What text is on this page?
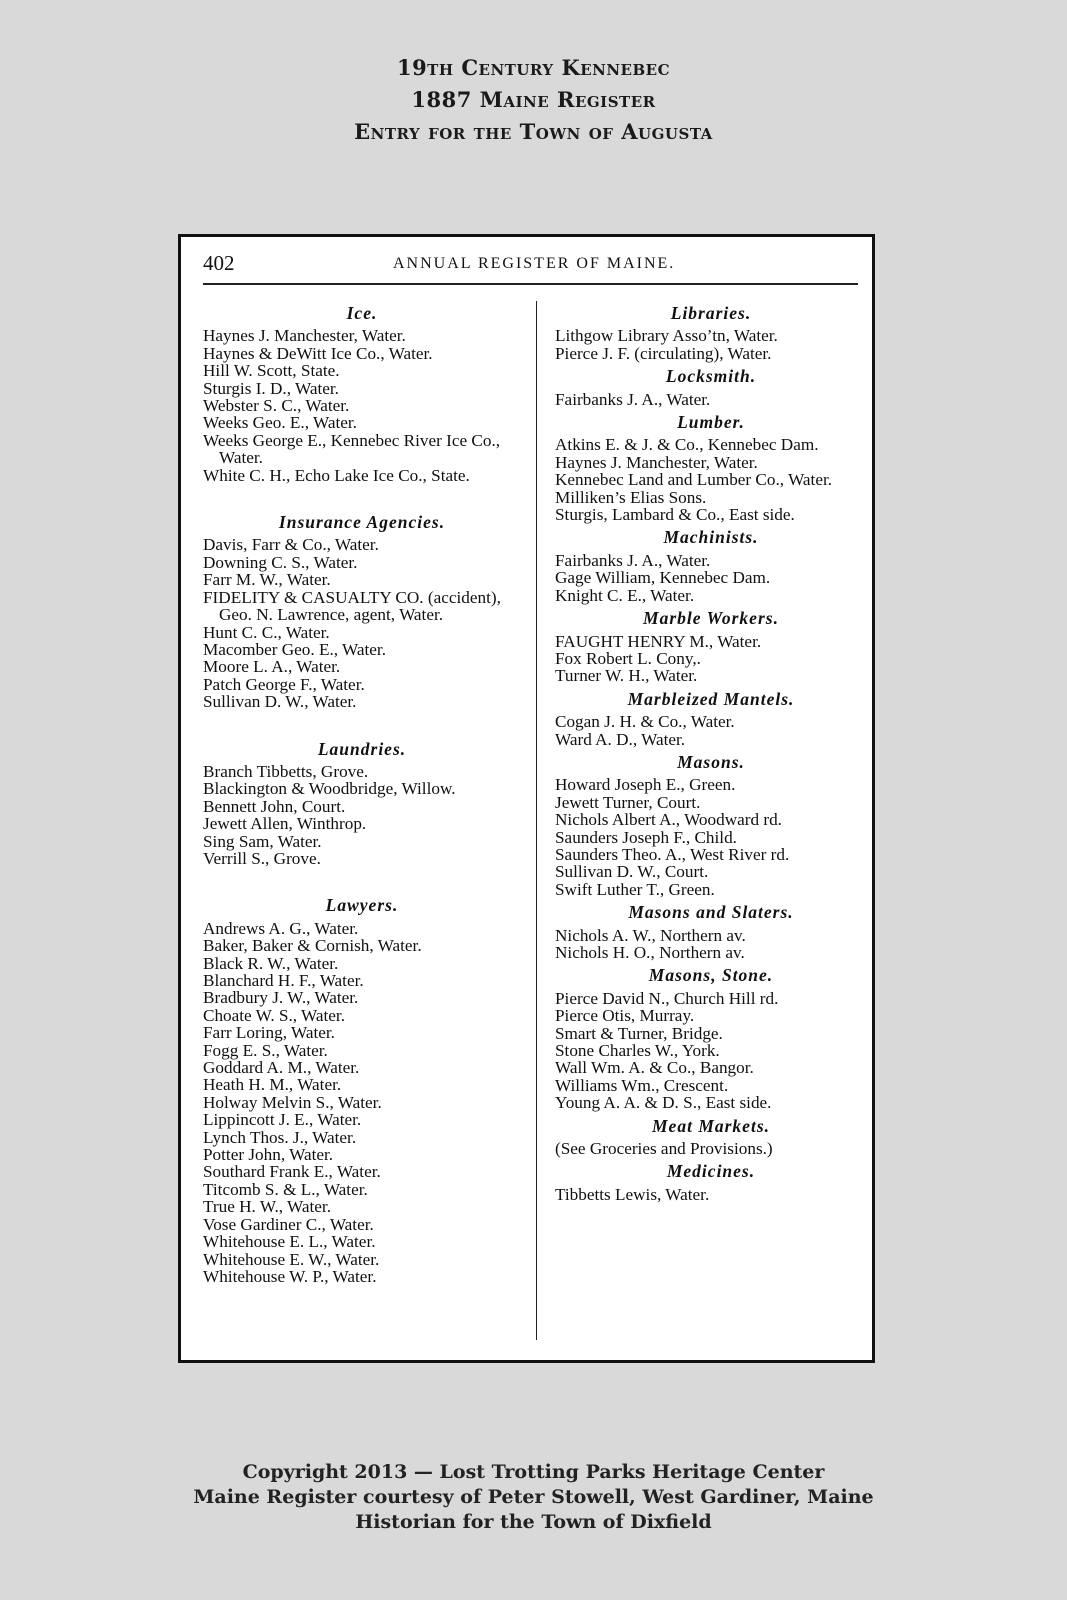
19th Century Kennebec
1887 Maine Register
Entry for the Town of Augusta
402	ANNUAL REGISTER OF MAINE.
Ice.
Haynes J. Manchester, Water.
Haynes & DeWitt Ice Co., Water.
Hill W. Scott, State.
Sturgis I. D., Water.
Webster S. C., Water.
Weeks Geo. E., Water.
Weeks George E., Kennebec River Ice Co., Water.
White C. H., Echo Lake Ice Co., State.
Insurance Agencies.
Davis, Farr & Co., Water.
Downing C. S., Water.
Farr M. W., Water.
FIDELITY & CASUALTY CO. (accident), Geo. N. Lawrence, agent, Water.
Hunt C. C., Water.
Macomber Geo. E., Water.
Moore L. A., Water.
Patch George F., Water.
Sullivan D. W., Water.
Laundries.
Branch Tibbetts, Grove.
Blackington & Woodbridge, Willow.
Bennett John, Court.
Jewett Allen, Winthrop.
Sing Sam, Water.
Verrill S., Grove.
Lawyers.
Andrews A. G., Water.
Baker, Baker & Cornish, Water.
Black R. W., Water.
Blanchard H. F., Water.
Bradbury J. W., Water.
Choate W. S., Water.
Farr Loring, Water.
Fogg E. S., Water.
Goddard A. M., Water.
Heath H. M., Water.
Holway Melvin S., Water.
Lippincott J. E., Water.
Lynch Thos. J., Water.
Potter John, Water.
Southard Frank E., Water.
Titcomb S. & L., Water.
True H. W., Water.
Vose Gardiner C., Water.
Whitehouse E. L., Water.
Whitehouse E. W., Water.
Whitehouse W. P., Water.
Libraries.
Lithgow Library Asso’tn, Water.
Pierce J. F. (circulating), Water.
Locksmith.
Fairbanks J. A., Water.
Lumber.
Atkins E. & J. & Co., Kennebec Dam.
Haynes J. Manchester, Water.
Kennebec Land and Lumber Co., Water.
Milliken’s Elias Sons.
Sturgis, Lambard & Co., East side.
Machinists.
Fairbanks J. A., Water.
Gage William, Kennebec Dam.
Knight C. E., Water.
Marble Workers.
FAUGHT HENRY M., Water.
Fox Robert L. Cony,.
Turner W. H., Water.
Marbleized Mantels.
Cogan J. H. & Co., Water.
Ward A. D., Water.
Masons.
Howard Joseph E., Green.
Jewett Turner, Court.
Nichols Albert A., Woodward rd.
Saunders Joseph F., Child.
Saunders Theo. A., West River rd.
Sullivan D. W., Court.
Swift Luther T., Green.
Masons and Slaters.
Nichols A. W., Northern av.
Nichols H. O., Northern av.
Masons, Stone.
Pierce David N., Church Hill rd.
Pierce Otis, Murray.
Smart & Turner, Bridge.
Stone Charles W., York.
Wall Wm. A. & Co., Bangor.
Williams Wm., Crescent.
Young A. A. & D. S., East side.
Meat Markets.
(See Groceries and Provisions.)
Medicines.
Tibbetts Lewis, Water.
Copyright 2013 — Lost Trotting Parks Heritage Center
Maine Register courtesy of Peter Stowell, West Gardiner, Maine
Historian for the Town of Dixfield
